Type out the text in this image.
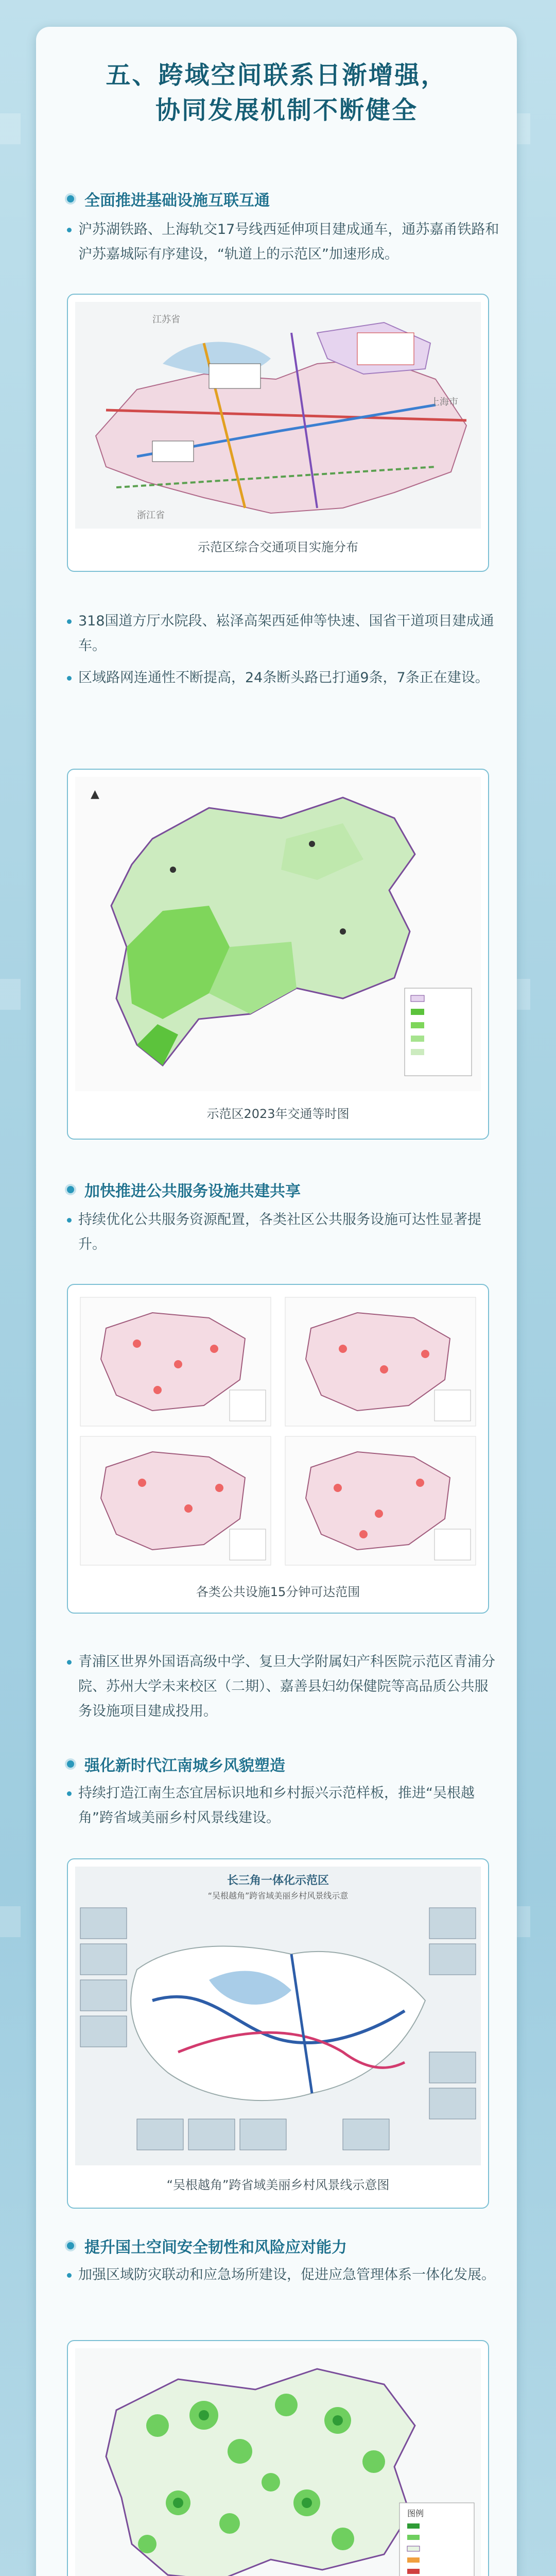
五、跨域空间联系日渐增强，
协同发展机制不断健全
全面推进基础设施互联互通
沪苏湖铁路、上海轨交17号线西延伸项目建成通车，通苏嘉甬铁路和沪苏嘉城际有序建设，“轨道上的示范区”加速形成。
江苏省
浙江省
上海市
示范区综合交通项目实施分布
318国道方厅水院段、崧泽高架西延伸等快速、国省干道项目建成通车。
区域路网连通性不断提高，24条断头路已打通9条，7条正在建设。
▲
示范区2023年交通等时图
加快推进公共服务设施共建共享
持续优化公共服务资源配置，各类社区公共服务设施可达性显著提升。
各类公共设施15分钟可达范围
青浦区世界外国语高级中学、复旦大学附属妇产科医院示范区青浦分院、苏州大学未来校区（二期）、嘉善县妇幼保健院等高品质公共服务设施项目建成投用。
强化新时代江南城乡风貌塑造
持续打造江南生态宜居标识地和乡村振兴示范样板，推进“吴根越角”跨省域美丽乡村风景线建设。
长三角一体化示范区
“吴根越角”跨省域美丽乡村风景线示意
“吴根越角”跨省域美丽乡村风景线示意图
提升国土空间安全韧性和风险应对能力
加强区域防灾联动和应急场所建设，促进应急管理体系一体化发展。
图例
